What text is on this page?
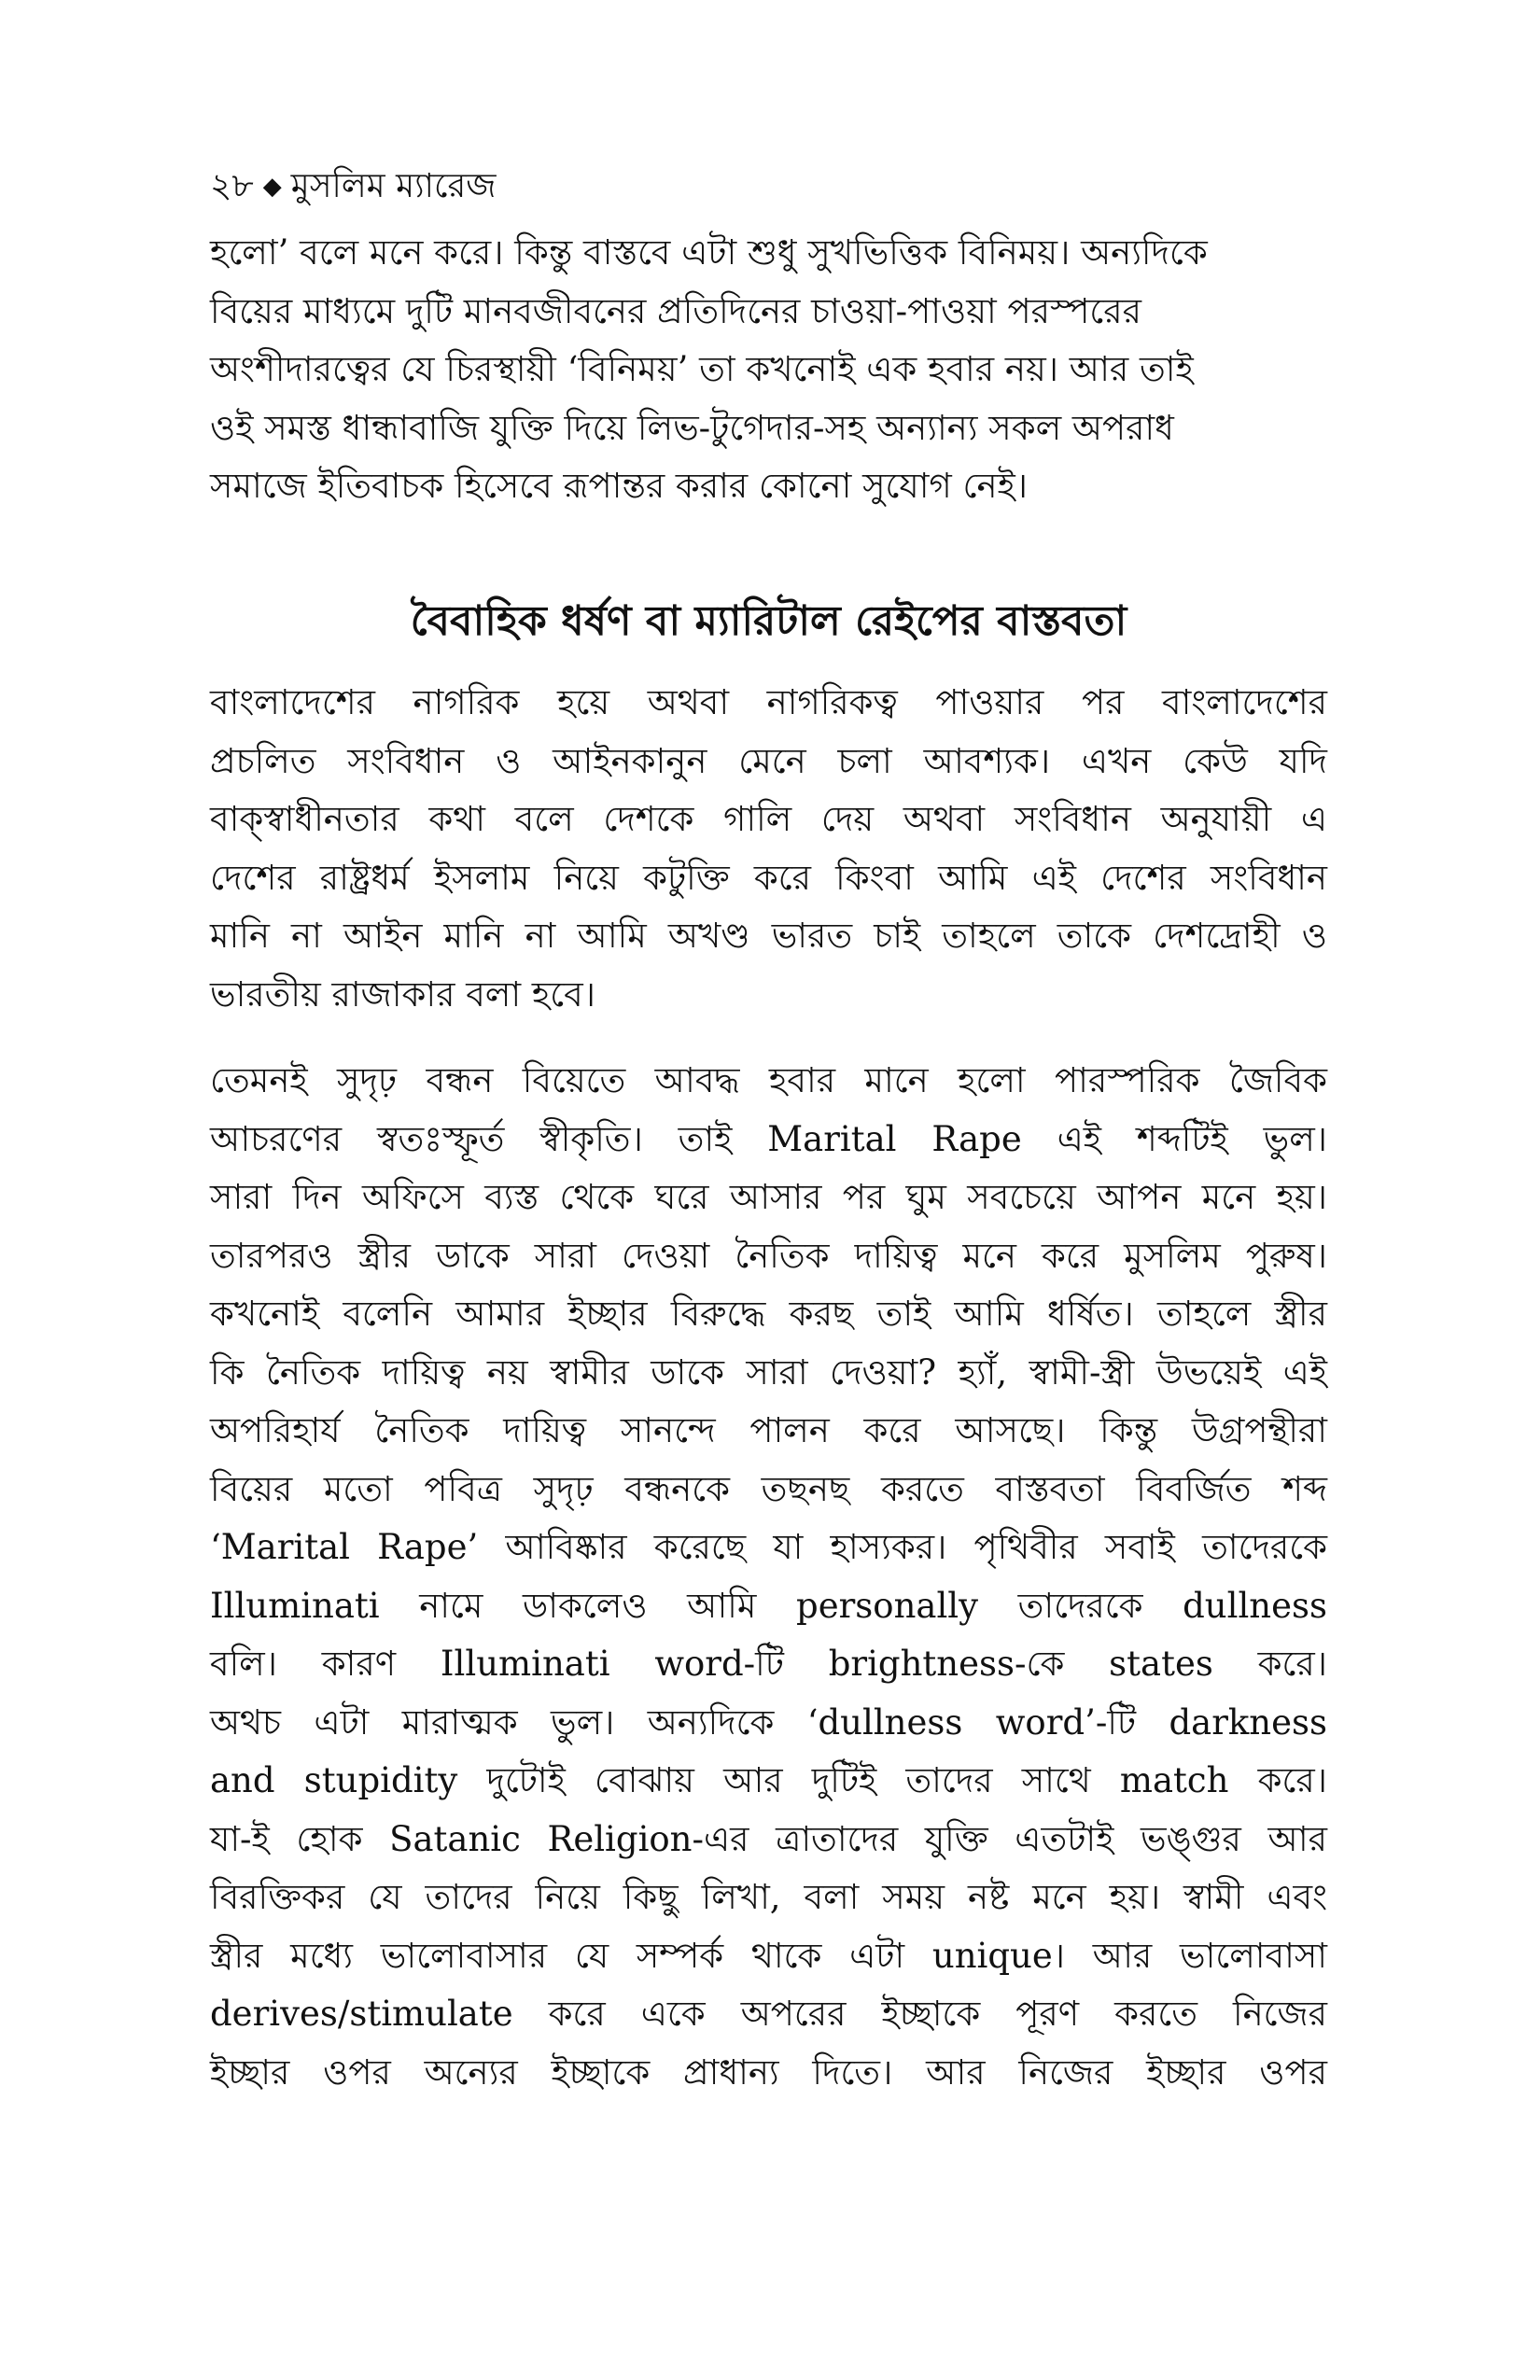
২৮ ◆ মুসলিম ম্যারেজ

হলো’ বলে মনে করে। কিন্তু বাস্তবে এটা শুধু সুখভিত্তিক বিনিময়। অন্যদিকে
বিয়ের মাধ্যমে দুটি মানবজীবনের প্রতিদিনের চাওয়া-পাওয়া পরস্পরের
অংশীদারত্বের যে চিরস্থায়ী ‘বিনিময়’ তা কখনোই এক হবার নয়। আর তাই
ওই সমস্ত ধান্ধাবাজি যুক্তি দিয়ে লিভ-টুগেদার-সহ অন্যান্য সকল অপরাধ
সমাজে ইতিবাচক হিসেবে রূপান্তর করার কোনো সুযোগ নেই।

বৈবাহিক ধর্ষণ বা ম্যারিটাল রেইপের বাস্তবতা

বাংলাদেশের নাগরিক হয়ে অথবা নাগরিকত্ব পাওয়ার পর বাংলাদেশের
প্রচলিত সংবিধান ও আইনকানুন মেনে চলা আবশ্যক। এখন কেউ যদি
বাক্স্বাধীনতার কথা বলে দেশকে গালি দেয় অথবা সংবিধান অনুযায়ী এ
দেশের রাষ্ট্রধর্ম ইসলাম নিয়ে কটুক্তি করে কিংবা আমি এই দেশের সংবিধান
মানি না আইন মানি না আমি অখণ্ড ভারত চাই তাহলে তাকে দেশদ্রোহী ও
ভারতীয় রাজাকার বলা হবে।

তেমনই সুদৃঢ় বন্ধন বিয়েতে আবদ্ধ হবার মানে হলো পারস্পরিক জৈবিক
আচরণের স্বতঃস্ফূর্ত স্বীকৃতি। তাই Marital Rape এই শব্দটিই ভুল।
সারা দিন অফিসে ব্যস্ত থেকে ঘরে আসার পর ঘুম সবচেয়ে আপন মনে হয়।
তারপরও স্ত্রীর ডাকে সারা দেওয়া নৈতিক দায়িত্ব মনে করে মুসলিম পুরুষ।
কখনোই বলেনি আমার ইচ্ছার বিরুদ্ধে করছ তাই আমি ধর্ষিত। তাহলে স্ত্রীর
কি নৈতিক দায়িত্ব নয় স্বামীর ডাকে সারা দেওয়া? হ্যাঁ, স্বামী-স্ত্রী উভয়েই এই
অপরিহার্য নৈতিক দায়িত্ব সানন্দে পালন করে আসছে। কিন্তু উগ্রপন্থীরা
বিয়ের মতো পবিত্র সুদৃঢ় বন্ধনকে তছনছ করতে বাস্তবতা বিবর্জিত শব্দ
‘Marital Rape’ আবিষ্কার করেছে যা হাস্যকর। পৃথিবীর সবাই তাদেরকে
Illuminati নামে ডাকলেও আমি personally তাদেরকে dullness
বলি। কারণ Illuminati word-টি brightness-কে states করে।
অথচ এটা মারাত্মক ভুল। অন্যদিকে ‘dullness word’-টি darkness
and stupidity দুটোই বোঝায় আর দুটিই তাদের সাথে match করে।
যা-ই হোক Satanic Religion-এর ত্রাতাদের যুক্তি এতটাই ভঙ্গুর আর
বিরক্তিকর যে তাদের নিয়ে কিছু লিখা, বলা সময় নষ্ট মনে হয়। স্বামী এবং
স্ত্রীর মধ্যে ভালোবাসার যে সম্পর্ক থাকে এটা unique। আর ভালোবাসা
derives/stimulate করে একে অপরের ইচ্ছাকে পূরণ করতে নিজের
ইচ্ছার ওপর অন্যের ইচ্ছাকে প্রাধান্য দিতে। আর নিজের ইচ্ছার ওপর
